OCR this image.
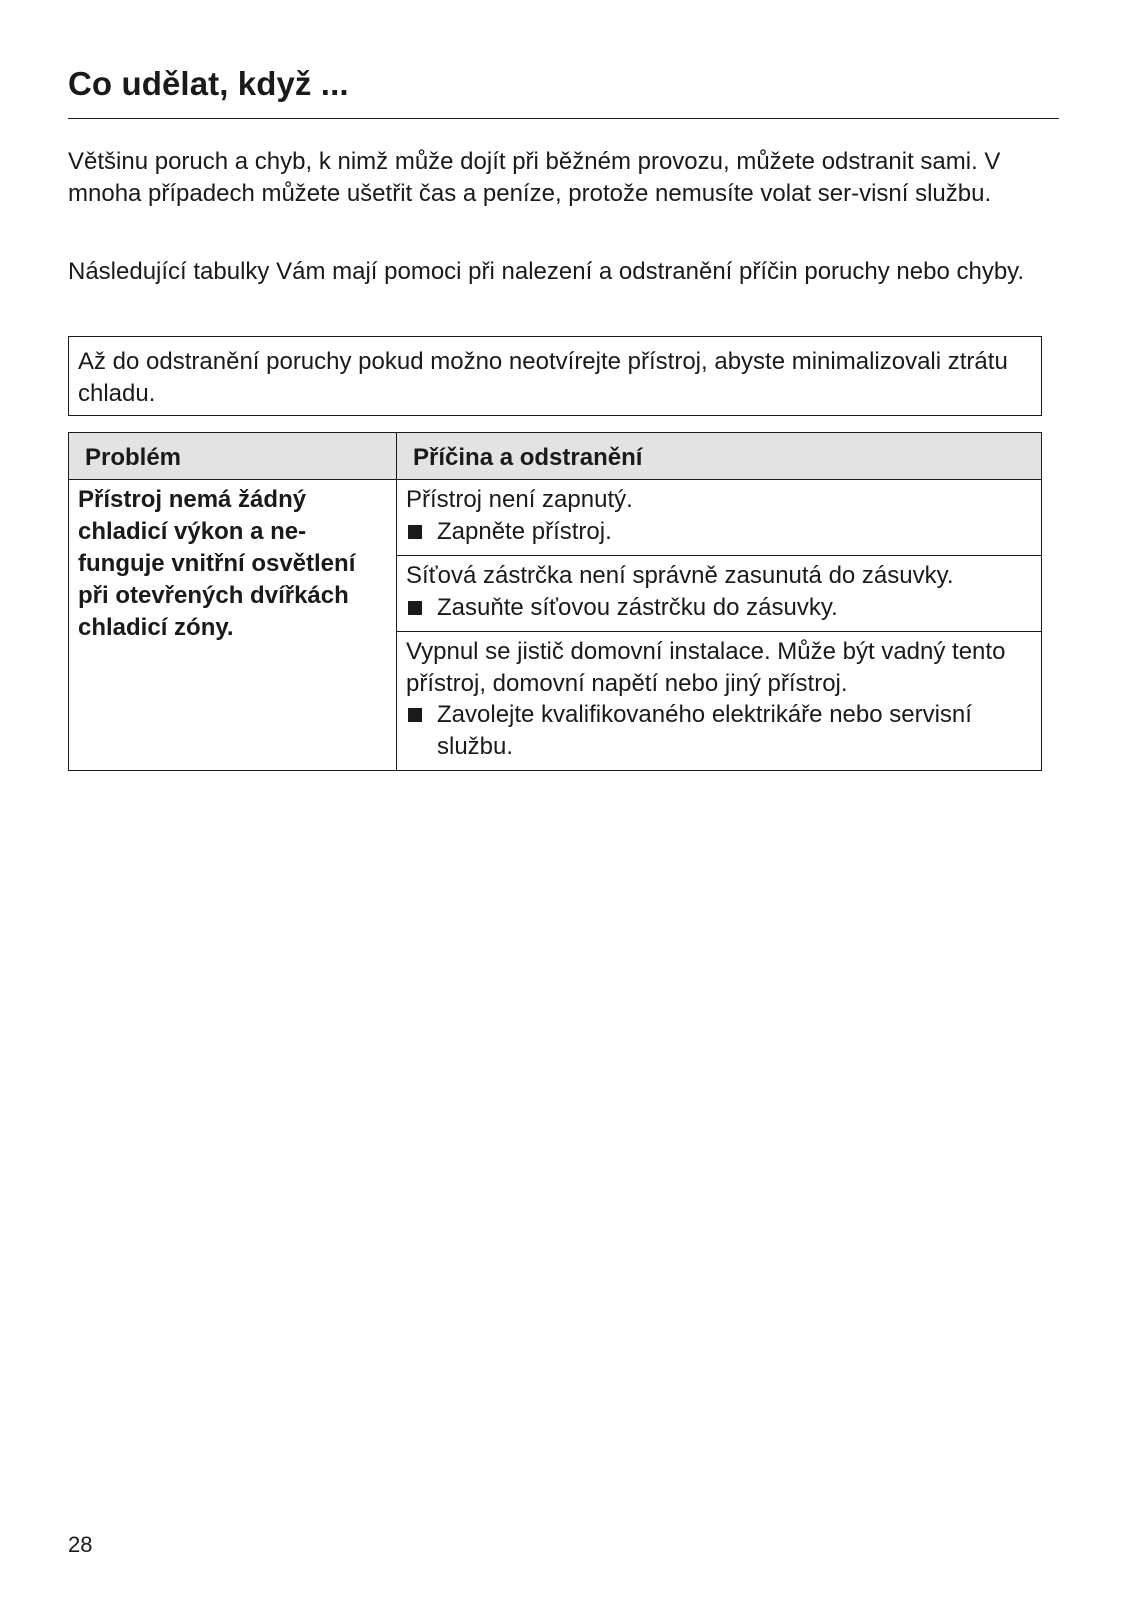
Co udělat, když ...

Většinu poruch a chyb, k nimž může dojít při běžném provozu, můžete odstranit sami. V mnoha případech můžete ušetřit čas a peníze, protože nemusíte volat ser-visní službu.

Následující tabulky Vám mají pomoci při nalezení a odstranění příčin poruchy nebo chyby.

Až do odstranění poruchy pokud možno neotvírejte přístroj, abyste minimalizovali ztrátu chladu.
Problém	Příčina a odstranění
Přístroj nemá žádný chladicí výkon a ne-funguje vnitřní osvětlení při otevřených dvířkách chladicí zóny.	Přístroj není zapnutý.
Zapněte přístroj.

	Síťová zástrčka není správně zasunutá do zásuvky.
Zasuňte síťovou zástrčku do zásuvky.

	Vypnul se jistič domovní instalace. Může být vadný tento přístroj, domovní napětí nebo jiný přístroj.
Zavolejte kvalifikovaného elektrikáře nebo servisní službu.
28
